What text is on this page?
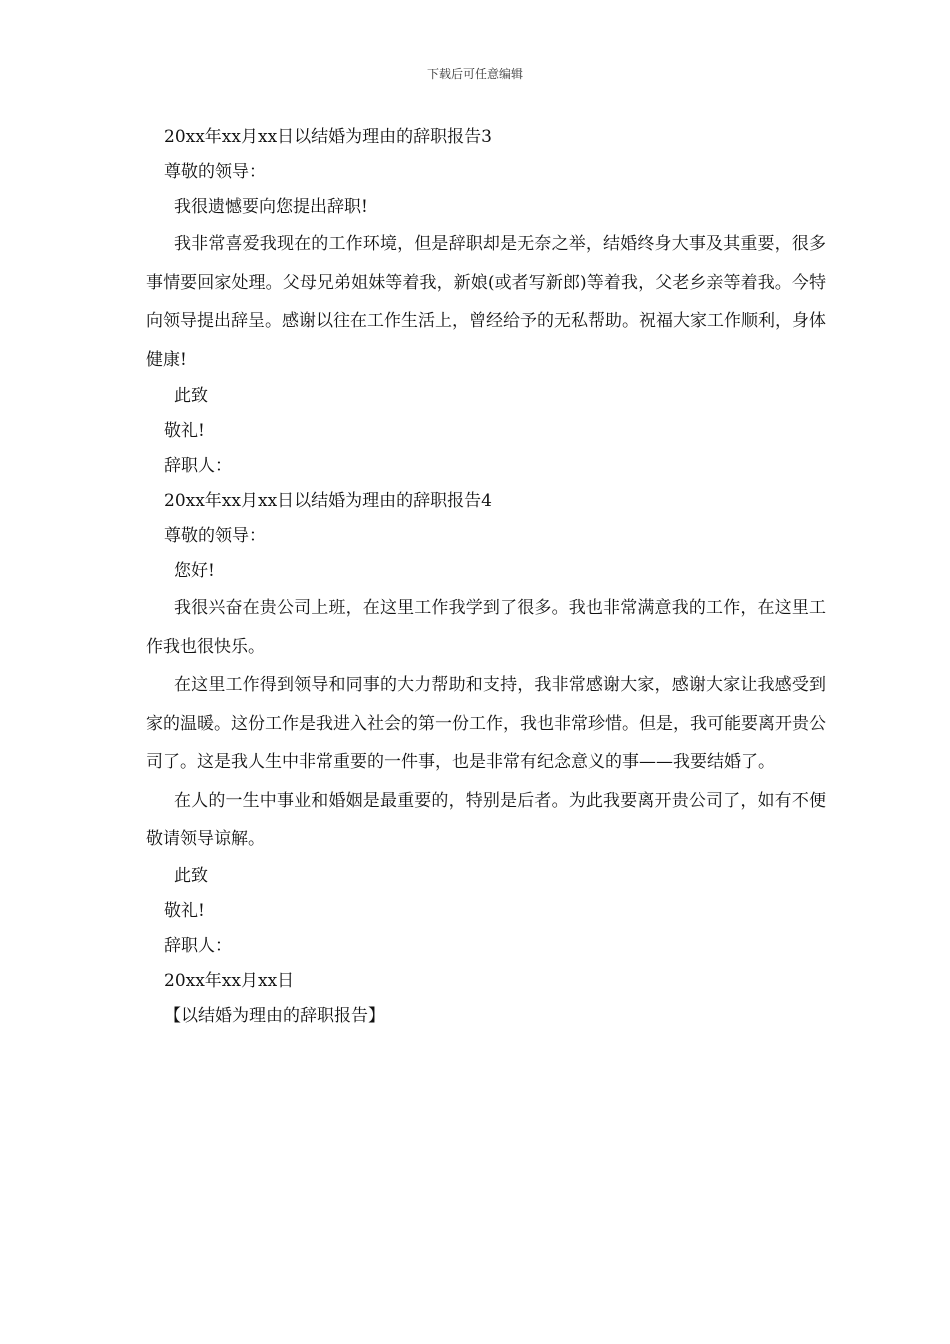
下载后可任意编辑
20xx年xx月xx日以结婚为理由的辞职报告3
尊敬的领导：
我很遗憾要向您提出辞职!

我非常喜爱我现在的工作环境，但是辞职却是无奈之举，结婚终身大事及其重要，很多事情要回家处理。父母兄弟姐妹等着我，新娘(或者写新郎)等着我，父老乡亲等着我。今特向领导提出辞呈。感谢以往在工作生活上，曾经给予的无私帮助。祝福大家工作顺利，身体健康!

此致
敬礼!
辞职人：
20xx年xx月xx日以结婚为理由的辞职报告4
尊敬的领导：
您好!

我很兴奋在贵公司上班，在这里工作我学到了很多。我也非常满意我的工作，在这里工作我也很快乐。

在这里工作得到领导和同事的大力帮助和支持，我非常感谢大家，感谢大家让我感受到家的温暖。这份工作是我进入社会的第一份工作，我也非常珍惜。但是，我可能要离开贵公司了。这是我人生中非常重要的一件事，也是非常有纪念意义的事——我要结婚了。

在人的一生中事业和婚姻是最重要的，特别是后者。为此我要离开贵公司了，如有不便敬请领导谅解。

此致
敬礼!
辞职人：
20xx年xx月xx日
【以结婚为理由的辞职报告】
